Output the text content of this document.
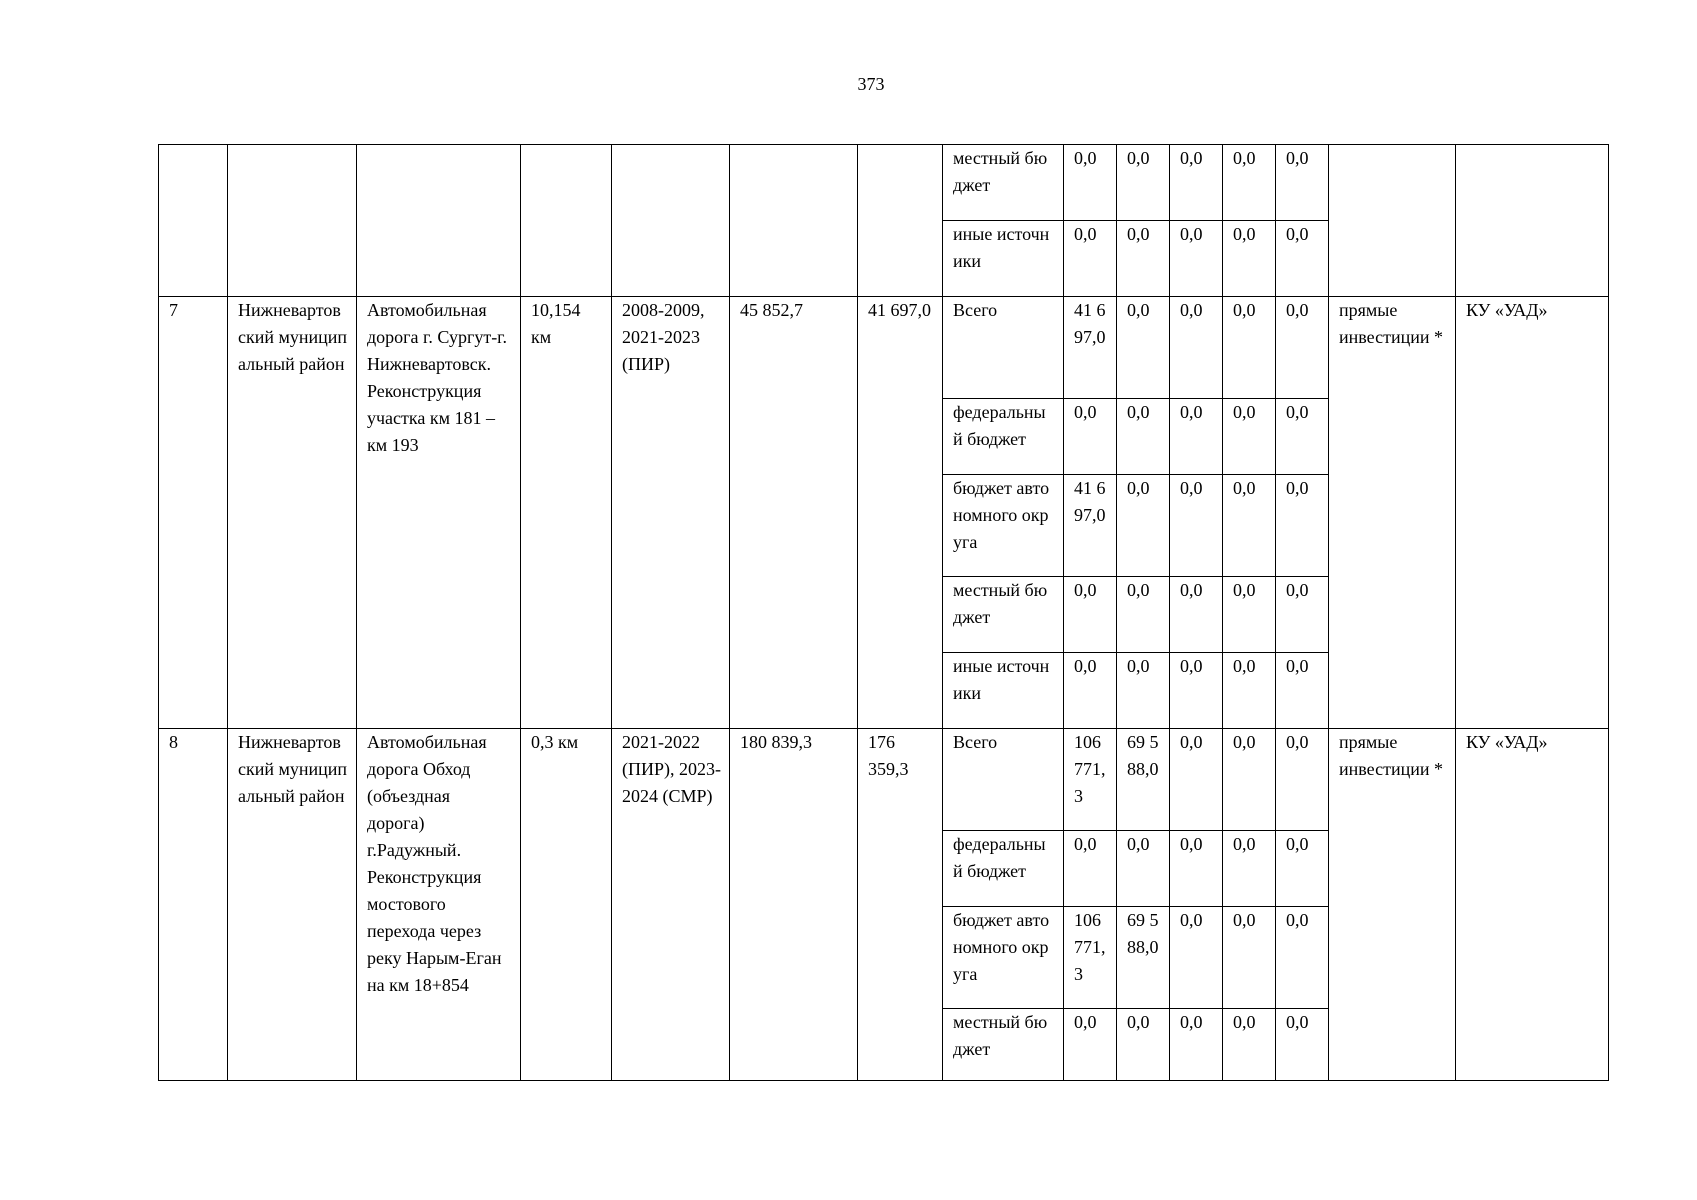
373
							местный бюджет	0,0	0,0	0,0	0,0	0,0		
							иные источники	0,0	0,0	0,0	0,0	0,0		
7	Нижневартовский муниципальный район	Автомобильная дорога г. Сургут-г. Нижневартовск. Реконструкция участка км 181 – км 193	10,154 км	2008-2009, 2021-2023 (ПИР)	45 852,7	41 697,0	Всего	41 697,0	0,0	0,0	0,0	0,0	прямые инвестиции *	КУ «УАД»
							федеральный бюджет	0,0	0,0	0,0	0,0	0,0		
							бюджет автономного округа	41 697,0	0,0	0,0	0,0	0,0		
							местный бюджет	0,0	0,0	0,0	0,0	0,0		
							иные источники	0,0	0,0	0,0	0,0	0,0		
8	Нижневартовский муниципальный район	Автомобильная дорога Обход (объездная дорога) г.Радужный. Реконструкция мостового перехода через реку Нарым-Еган на км 18+854	0,3 км	2021-2022 (ПИР), 2023-2024 (СМР)	180 839,3	176 359,3	Всего	106 771,3	69 588,0	0,0	0,0	0,0	прямые инвестиции *	КУ «УАД»
							федеральный бюджет	0,0	0,0	0,0	0,0	0,0		
							бюджет автономного округа	106 771,3	69 588,0	0,0	0,0	0,0		
							местный бюджет	0,0	0,0	0,0	0,0	0,0		
